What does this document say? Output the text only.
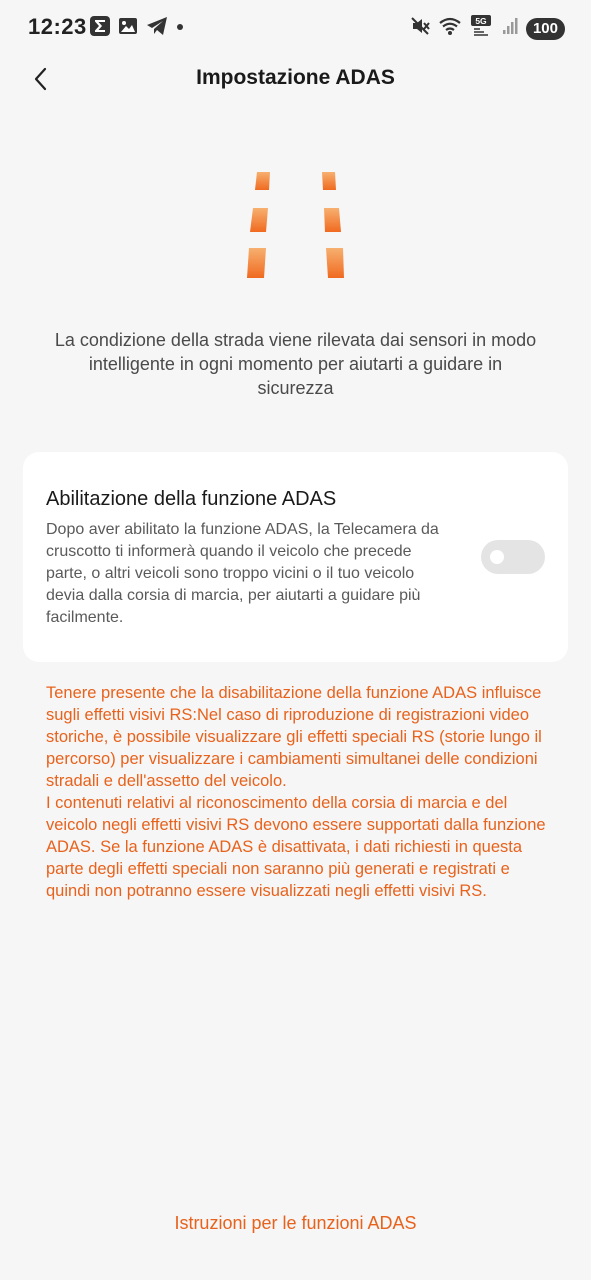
12:23	5G	100
Impostazione ADAS
La condizione della strada viene rilevata dai sensori in modo intelligente in ogni momento per aiutarti a guidare in sicurezza
Abilitazione della funzione ADAS
Dopo aver abilitato la funzione ADAS, la Telecamera da cruscotto ti informerà quando il veicolo che precede parte, o altri veicoli sono troppo vicini o il tuo veicolo devia dalla corsia di marcia, per aiutarti a guidare più facilmente.
Tenere presente che la disabilitazione della funzione ADAS influisce sugli effetti visivi RS:Nel caso di riproduzione di registrazioni video storiche, è possibile visualizzare gli effetti speciali RS (storie lungo il percorso) per visualizzare i cambiamenti simultanei delle condizioni stradali e dell'assetto del veicolo.
I contenuti relativi al riconoscimento della corsia di marcia e del veicolo negli effetti visivi RS devono essere supportati dalla funzione ADAS. Se la funzione ADAS è disattivata, i dati richiesti in questa parte degli effetti speciali non saranno più generati e registrati e quindi non potranno essere visualizzati negli effetti visivi RS.
Istruzioni per le funzioni ADAS
